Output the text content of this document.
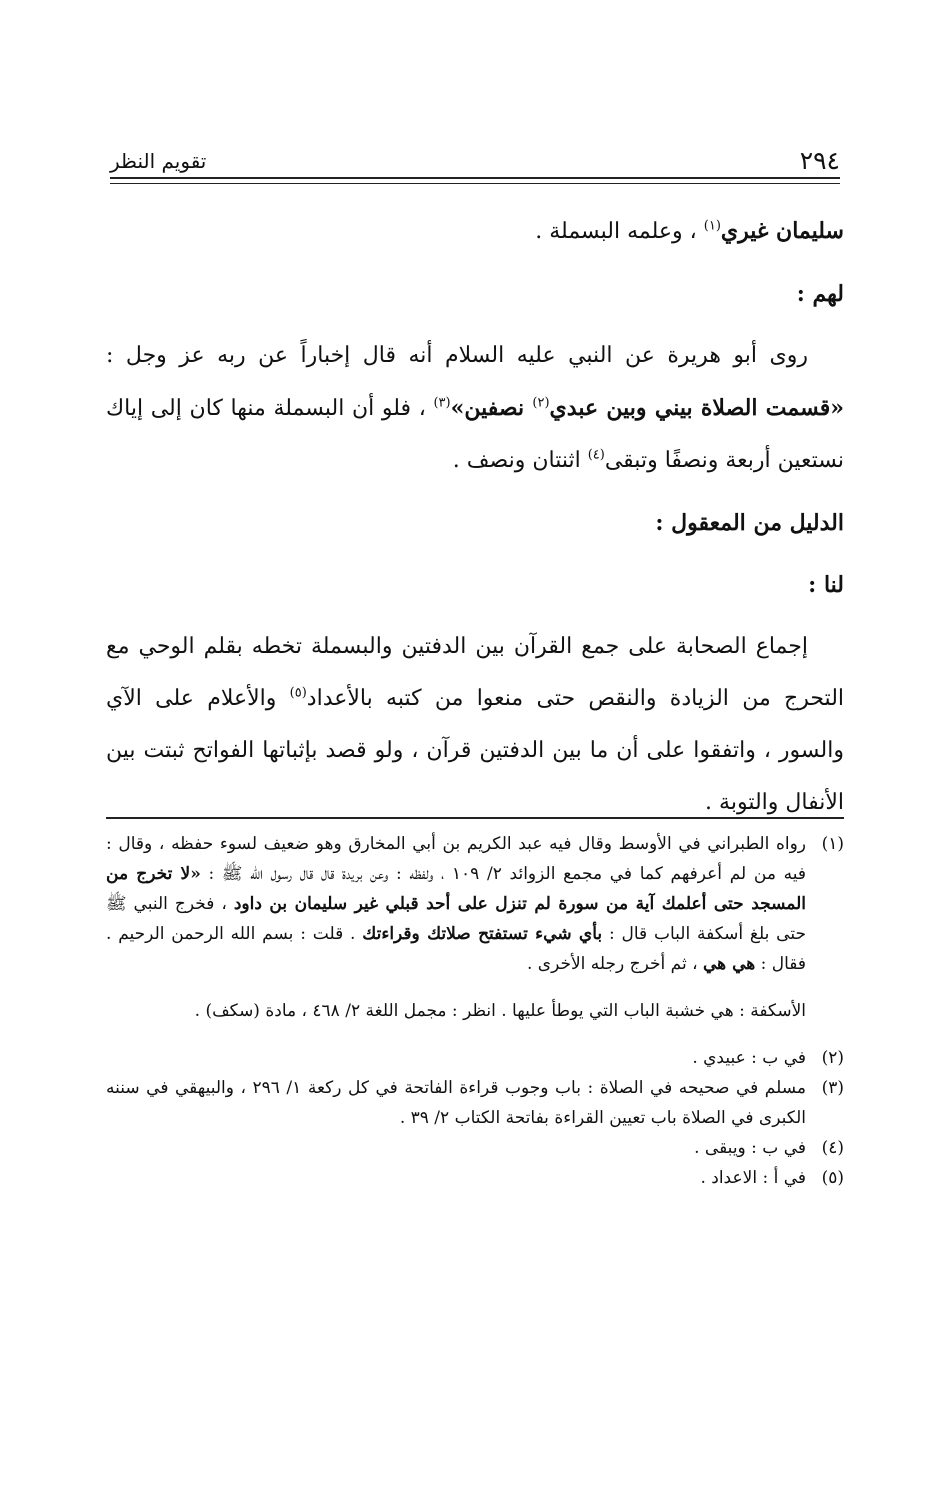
٢٩٤
تقويم النظر

سليمان غيري$^{(١)}$ ، وعلمه البسملة .

لهم :

روى أبو هريرة عن النبي عليه السلام أنه قال إخباراً عن ربه عز وجل : «قسمت الصلاة بيني وبين عبدي$^{(٢)}$ نصفين»$^{(٣)}$ ، فلو أن البسملة منها كان إلى إياك نستعين أربعة ونصفًا وتبقى$^{(٤)}$ اثنتان ونصف .

الدليل من المعقول :

لنا :

إجماع الصحابة على جمع القرآن بين الدفتين والبسملة تخطه بقلم الوحي مع التحرج من الزيادة والنقص حتى منعوا من كتبه بالأعداد$^{(٥)}$ والأعلام على الآي والسور ، واتفقوا على أن ما بين الدفتين قرآن ، ولو قصد بإثباتها الفواتح ثبتت بين الأنفال والتوبة .

(١)

رواه الطبراني في الأوسط وقال فيه عبد الكريم بن أبي المخارق وهو ضعيف لسوء حفظه ، وقال : فيه من لم أعرفهم كما في مجمع الزوائد ٢/ ١٠٩ ، ولفظه : وعن بريدة قال قال رسول الله ﷺ : «لا تخرج من المسجد حتى أعلمك آية من سورة لم تنزل على أحد قبلي غير سليمان بن داود ، فخرج النبي ﷺ حتى بلغ أسكفة الباب قال : بأي شيء تستفتح صلاتك وقراءتك . قلت : بسم الله الرحمن الرحيم . فقال : هي هي ، ثم أخرج رجله الأخرى .

الأسكفة : هي خشبة الباب التي يوطأ عليها . انظر : مجمل اللغة ٢/ ٤٦٨ ، مادة (سكف) .

(٢)
في ب : عبيدي .
(٣)
مسلم في صحيحه في الصلاة : باب وجوب قراءة الفاتحة في كل ركعة ١/ ٢٩٦ ، والبيهقي في سننه الكبرى في الصلاة باب تعيين القراءة بفاتحة الكتاب ٢/ ٣٩ .
(٤)
في ب : ويبقى .
(٥)
في أ : الاعداد .
